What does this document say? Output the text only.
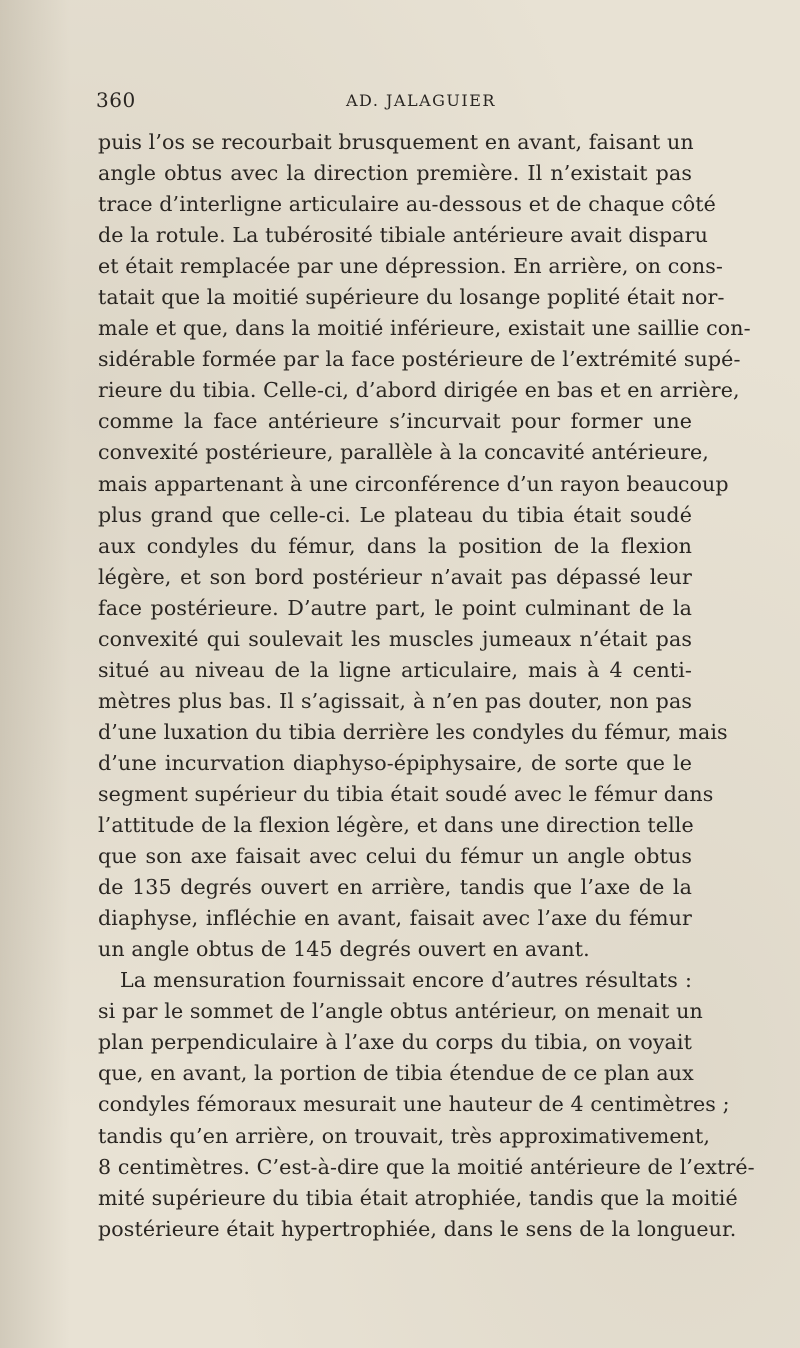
360	AD. JALAGUIER
puis l’os se recourbait brusquement en avant, faisant un
angle obtus avec la direction première. Il n’existait pas
trace d’interligne articulaire au-dessous et de chaque côté
de la rotule. La tubérosité tibiale antérieure avait disparu
et était remplacée par une dépression. En arrière, on cons-
tatait que la moitié supérieure du losange poplité était nor-
male et que, dans la moitié inférieure, existait une saillie con-
sidérable formée par la face postérieure de l’extrémité supé-
rieure du tibia. Celle-ci, d’abord dirigée en bas et en arrière,
comme la face antérieure s’incurvait pour former une
convexité postérieure, parallèle à la concavité antérieure,
mais appartenant à une circonférence d’un rayon beaucoup
plus grand que celle-ci. Le plateau du tibia était soudé
aux condyles du fémur, dans la position de la flexion
légère, et son bord postérieur n’avait pas dépassé leur
face postérieure. D’autre part, le point culminant de la
convexité qui soulevait les muscles jumeaux n’était pas
situé au niveau de la ligne articulaire, mais à 4 centi-
mètres plus bas. Il s’agissait, à n’en pas douter, non pas
d’une luxation du tibia derrière les condyles du fémur, mais
d’une incurvation diaphyso-épiphysaire, de sorte que le
segment supérieur du tibia était soudé avec le fémur dans
l’attitude de la flexion légère, et dans une direction telle
que son axe faisait avec celui du fémur un angle obtus
de 135 degrés ouvert en arrière, tandis que l’axe de la
diaphyse, infléchie en avant, faisait avec l’axe du fémur
un angle obtus de 145 degrés ouvert en avant.
La mensuration fournissait encore d’autres résultats :
si par le sommet de l’angle obtus antérieur, on menait un
plan perpendiculaire à l’axe du corps du tibia, on voyait
que, en avant, la portion de tibia étendue de ce plan aux
condyles fémoraux mesurait une hauteur de 4 centimètres ;
tandis qu’en arrière, on trouvait, très approximativement,
8 centimètres. C’est-à-dire que la moitié antérieure de l’extré-
mité supérieure du tibia était atrophiée, tandis que la moitié
postérieure était hypertrophiée, dans le sens de la longueur.
